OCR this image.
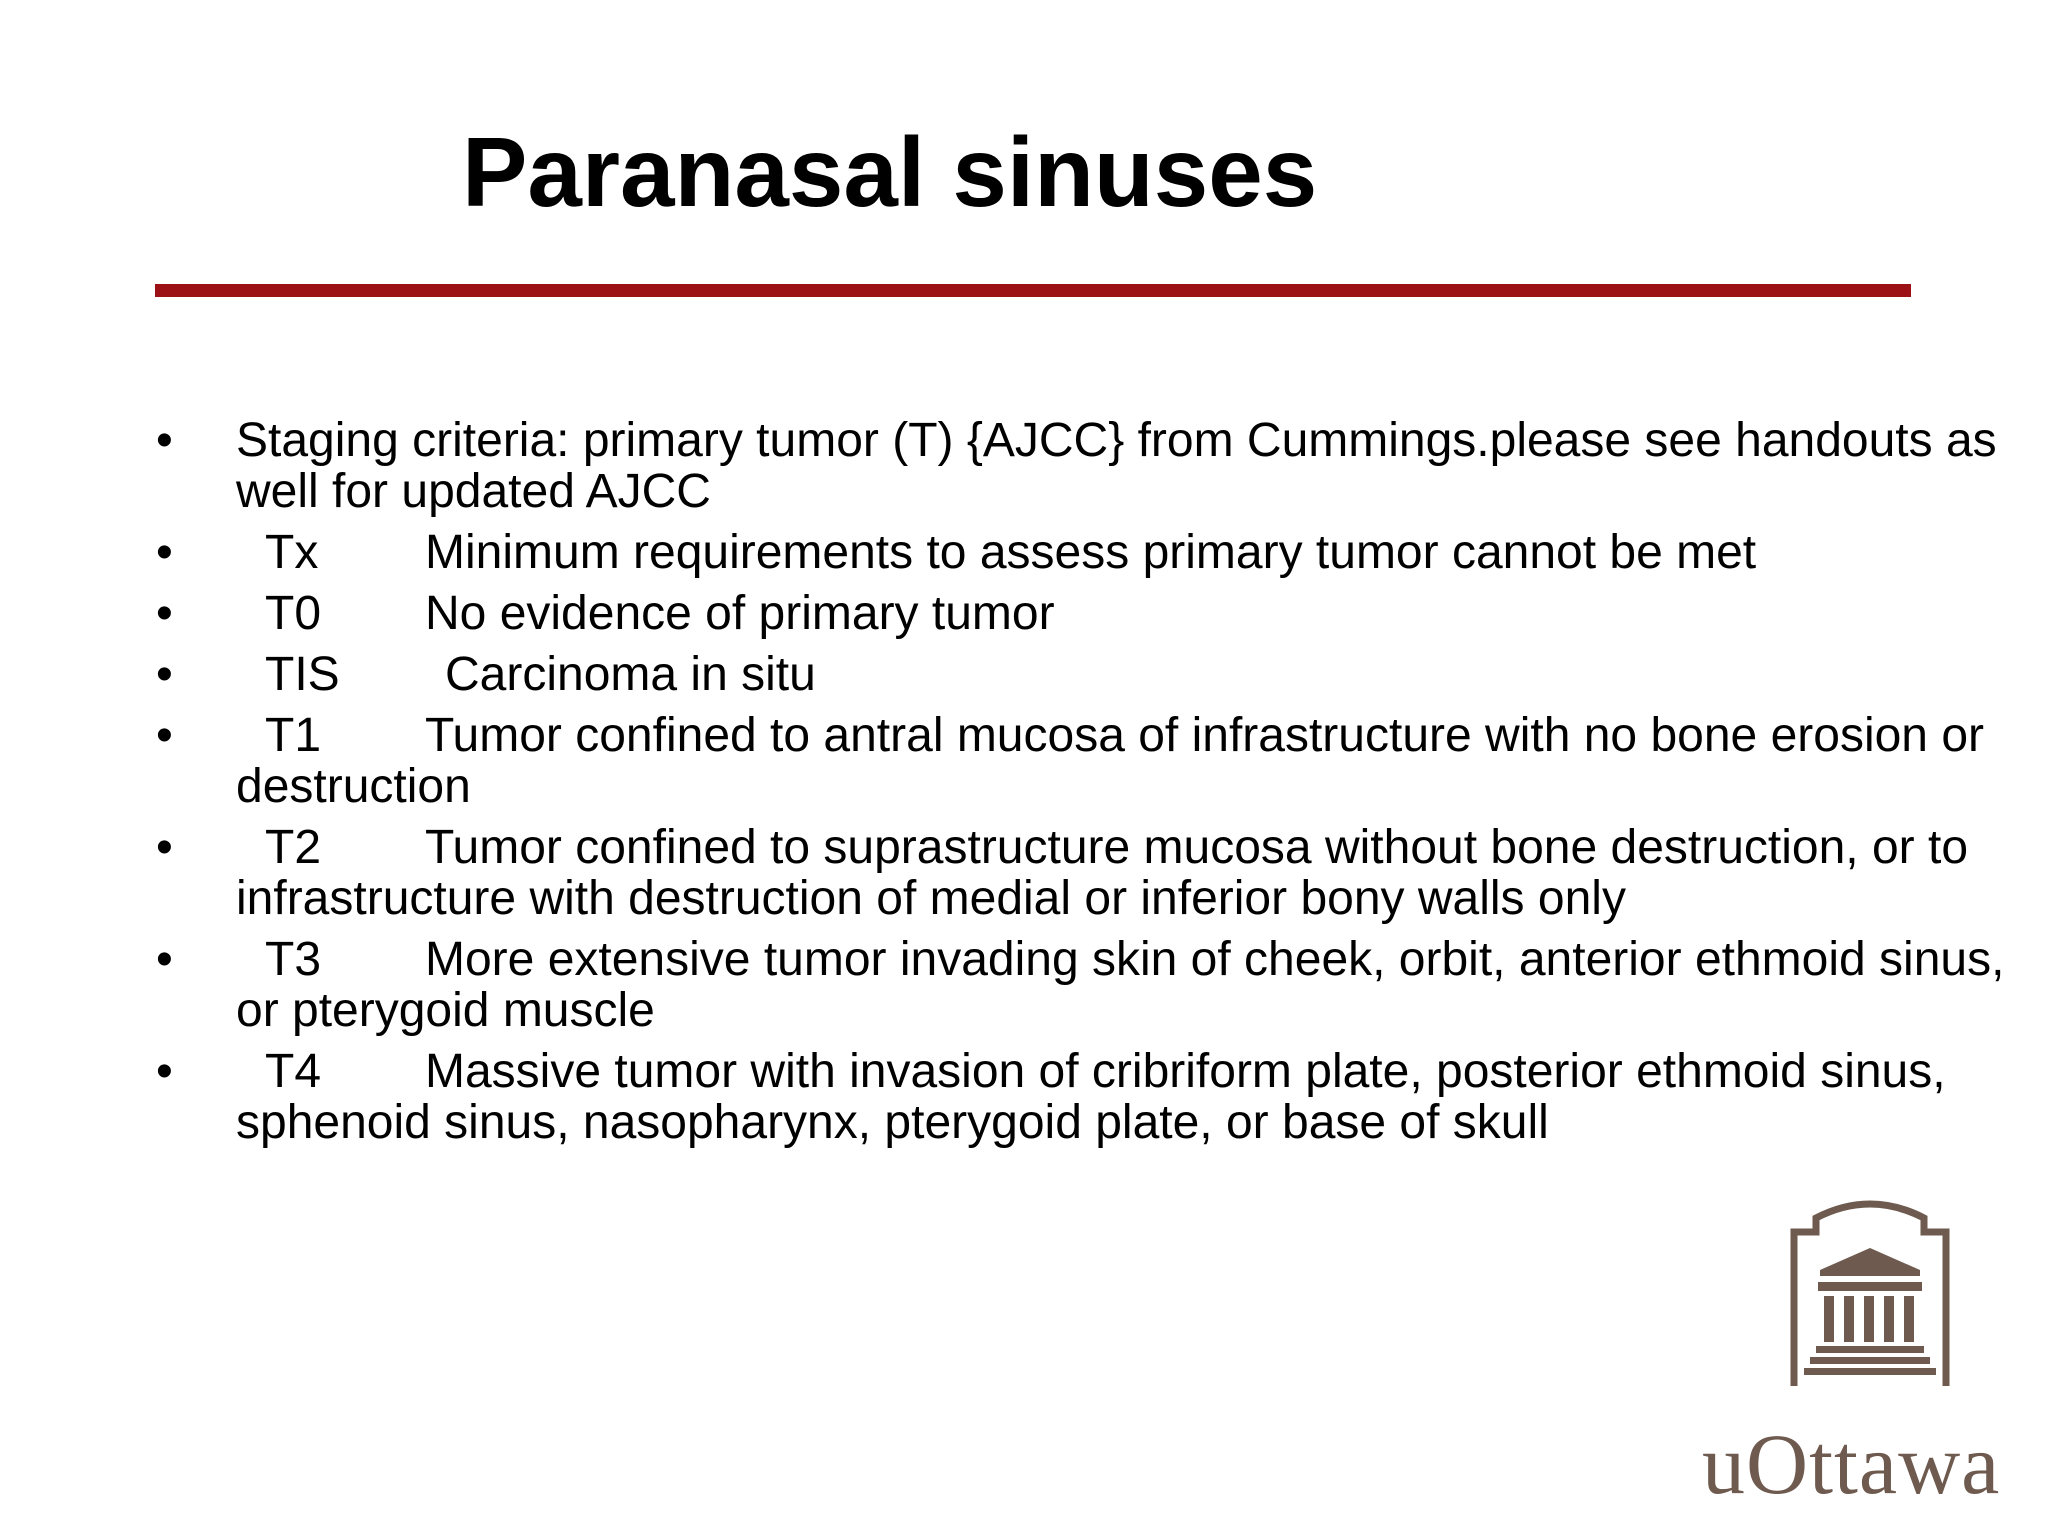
Paranasal sinuses
• Staging criteria: primary tumor (T) {AJCC} from Cummings.please see handouts as well for updated AJCC
• Tx Minimum requirements to assess primary tumor cannot be met
• T0 No evidence of primary tumor
• TIS Carcinoma in situ
• T1 Tumor confined to antral mucosa of infrastructure with no bone erosion or destruction
• T2 Tumor confined to suprastructure mucosa without bone destruction, or to infrastructure with destruction of medial or inferior bony walls only
• T3 More extensive tumor invading skin of cheek, orbit, anterior ethmoid sinus, or pterygoid muscle
• T4 Massive tumor with invasion of cribriform plate, posterior ethmoid sinus, sphenoid sinus, nasopharynx, pterygoid plate, or base of skull
uOttawa
